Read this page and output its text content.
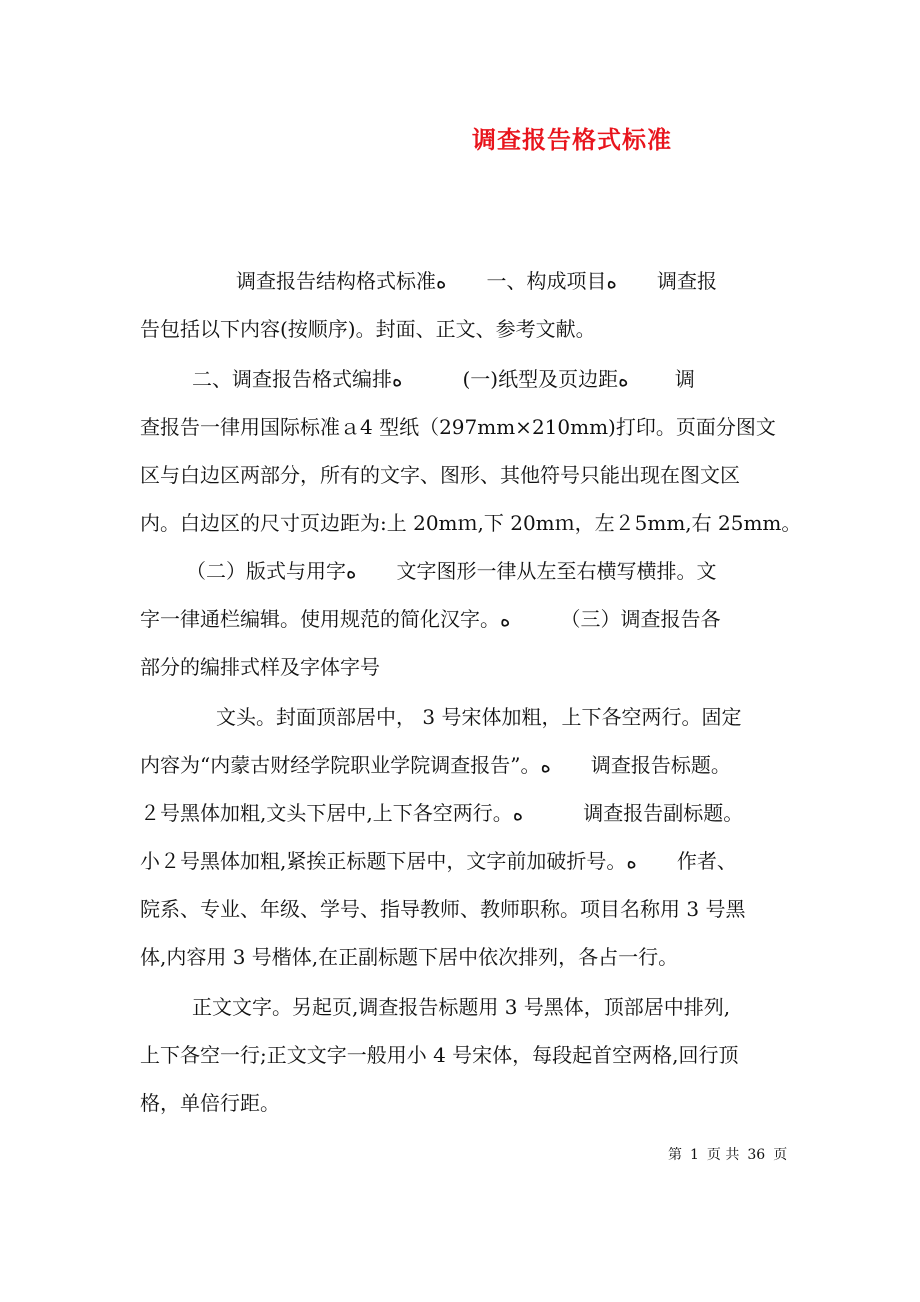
调查报告格式标准
调查报告结构格式标准ﻩ　　一、构成项目ﻩ　　调查报
告包括以下内容(按顺序)。封面、正文、参考文献。
二、调查报告格式编排ﻩ　　　(一)纸型及页边距ﻩ　　 调
查报告一律用国际标准ａ4 型纸（297mm×210mm)打印。页面分图文
区与白边区两部分，所有的文字、图形、其他符号只能出现在图文区
内。白边区的尺寸页边距为:上 20mｍ,下 20mｍ，左２5mm,右 25mm。
（二）版式与用字ﻩ　　文字图形一律从左至右横写横排。文
字一律通栏编辑。使用规范的简化汉字。ﻩ　　　（三）调查报告各
部分的编排式样及字体字号
文头。封面顶部居中， 3 号宋体加粗，上下各空两行。固定
内容为“内蒙古财经学院职业学院调查报告”。ﻩ　　调查报告标题。
２号黑体加粗,文头下居中,上下各空两行。ﻩ　　　调查报告副标题。
小２号黑体加粗,紧挨正标题下居中，文字前加破折号。ﻩ　　作者、
院系、专业、年级、学号、指导教师、教师职称。项目名称用 3 号黑
体,内容用 3 号楷体,在正副标题下居中依次排列，各占一行。
正文文字。另起页,调查报告标题用 3 号黑体，顶部居中排列,
上下各空一行;正文文字一般用小 4 号宋体，每段起首空两格,回行顶
格，单倍行距。
第 1 页 共 36 页
